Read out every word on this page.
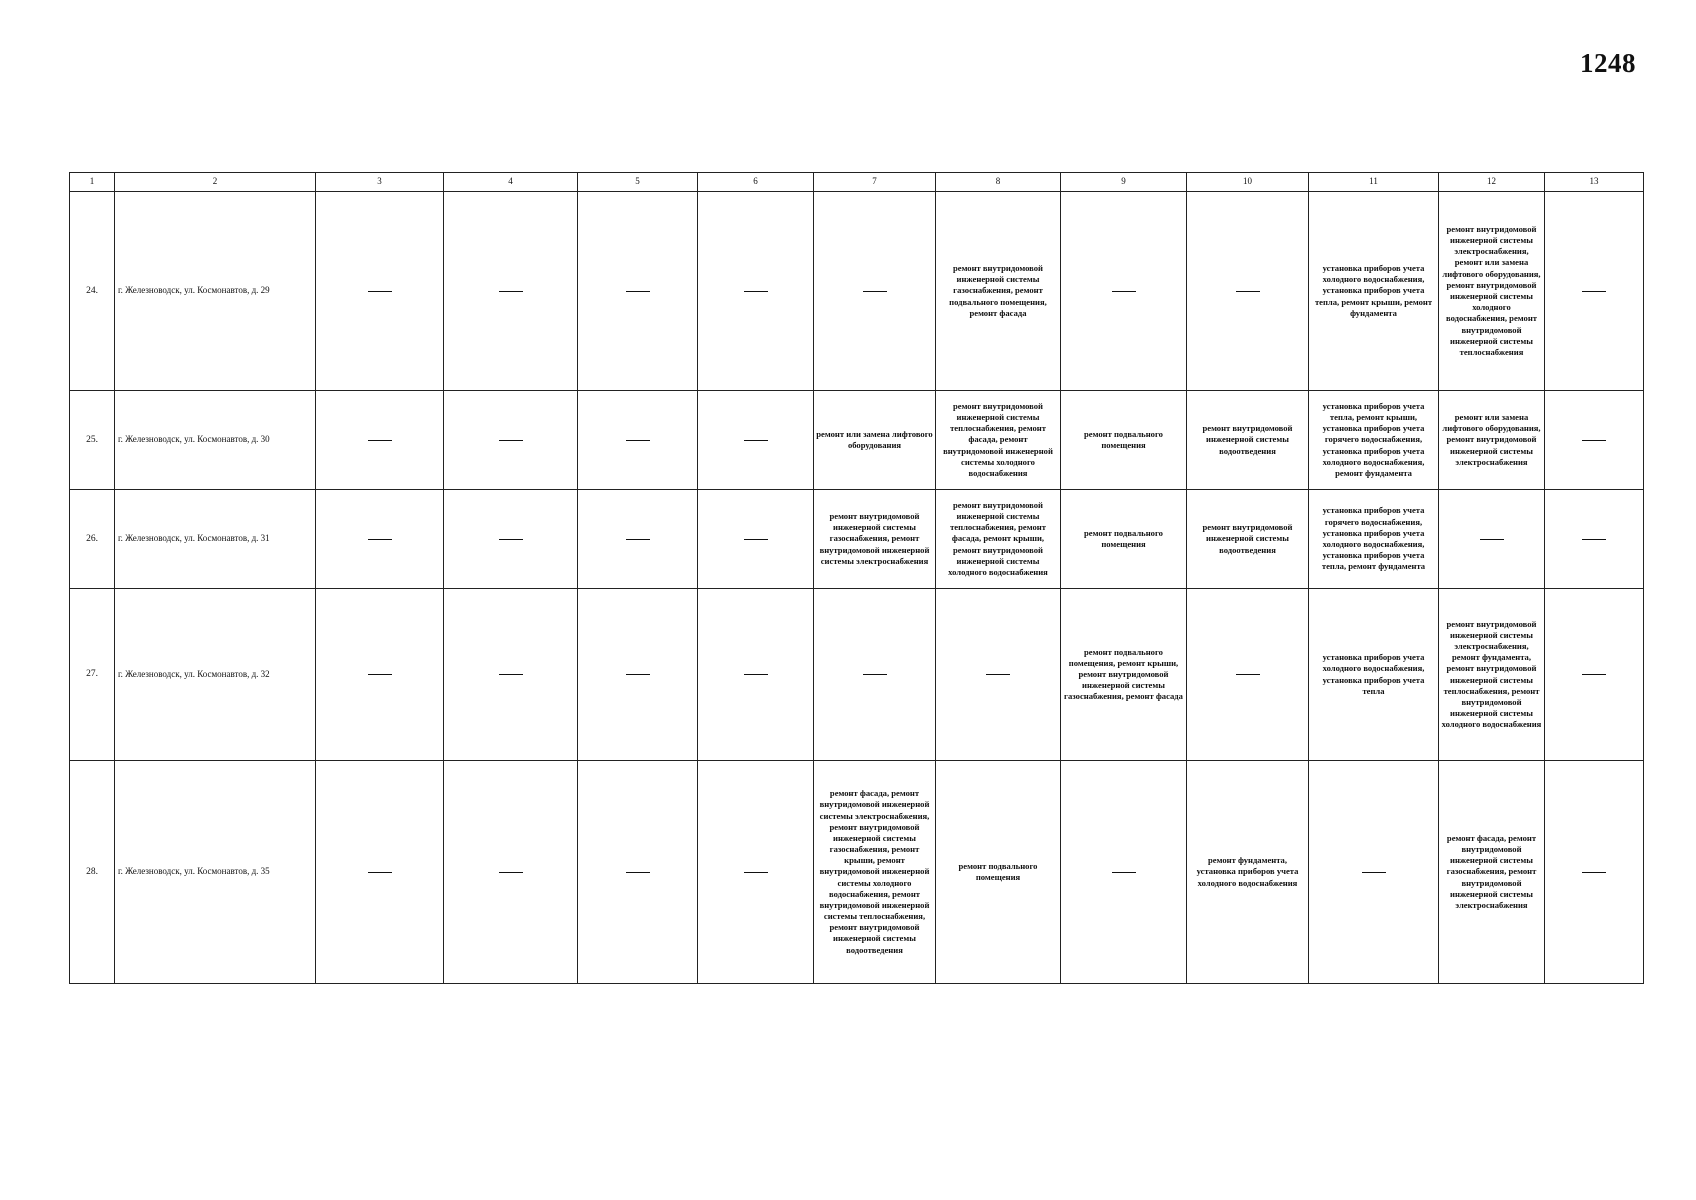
1248
1	2	3	4	5	6	7	8	9	10	11	12	13
24.	г. Железноводск, ул. Космонавтов, д. 29						ремонт внутридомовой инженерной системы газоснабжения, ремонт подвального помещения, ремонт фасада			установка приборов учета холодного водоснабжения, установка приборов учета тепла, ремонт крыши, ремонт фундамента	ремонт внутридомовой инженерной системы электроснабжения, ремонт или замена лифтового оборудования, ремонт внутридомовой инженерной системы холодного водоснабжения, ремонт внутридомовой инженерной системы теплоснабжения	
25.	г. Железноводск, ул. Космонавтов, д. 30					ремонт или замена лифтового оборудования	ремонт внутридомовой инженерной системы теплоснабжения, ремонт фасада, ремонт внутридомовой инженерной системы холодного водоснабжения	ремонт подвального помещения	ремонт внутридомовой инженерной системы водоотведения	установка приборов учета тепла, ремонт крыши, установка приборов учета горячего водоснабжения, установка приборов учета холодного водоснабжения, ремонт фундамента	ремонт или замена лифтового оборудования, ремонт внутридомовой инженерной системы электроснабжения	
26.	г. Железноводск, ул. Космонавтов, д. 31					ремонт внутридомовой инженерной системы газоснабжения, ремонт внутридомовой инженерной системы электроснабжения	ремонт внутридомовой инженерной системы теплоснабжения, ремонт фасада, ремонт крыши, ремонт внутридомовой инженерной системы холодного водоснабжения	ремонт подвального помещения	ремонт внутридомовой инженерной системы водоотведения	установка приборов учета горячего водоснабжения, установка приборов учета холодного водоснабжения, установка приборов учета тепла, ремонт фундамента		
27.	г. Железноводск, ул. Космонавтов, д. 32							ремонт подвального помещения, ремонт крыши, ремонт внутридомовой инженерной системы газоснабжения, ремонт фасада		установка приборов учета холодного водоснабжения, установка приборов учета тепла	ремонт внутридомовой инженерной системы электроснабжения, ремонт фундамента, ремонт внутридомовой инженерной системы теплоснабжения, ремонт внутридомовой инженерной системы холодного водоснабжения	
28.	г. Железноводск, ул. Космонавтов, д. 35					ремонт фасада, ремонт внутридомовой инженерной системы электроснабжения, ремонт внутридомовой инженерной системы газоснабжения, ремонт крыши, ремонт внутридомовой инженерной системы холодного водоснабжения, ремонт внутридомовой инженерной системы теплоснабжения, ремонт внутридомовой инженерной системы водоотведения	ремонт подвального помещения		ремонт фундамента, установка приборов учета холодного водоснабжения		ремонт фасада, ремонт внутридомовой инженерной системы газоснабжения, ремонт внутридомовой инженерной системы электроснабжения	
